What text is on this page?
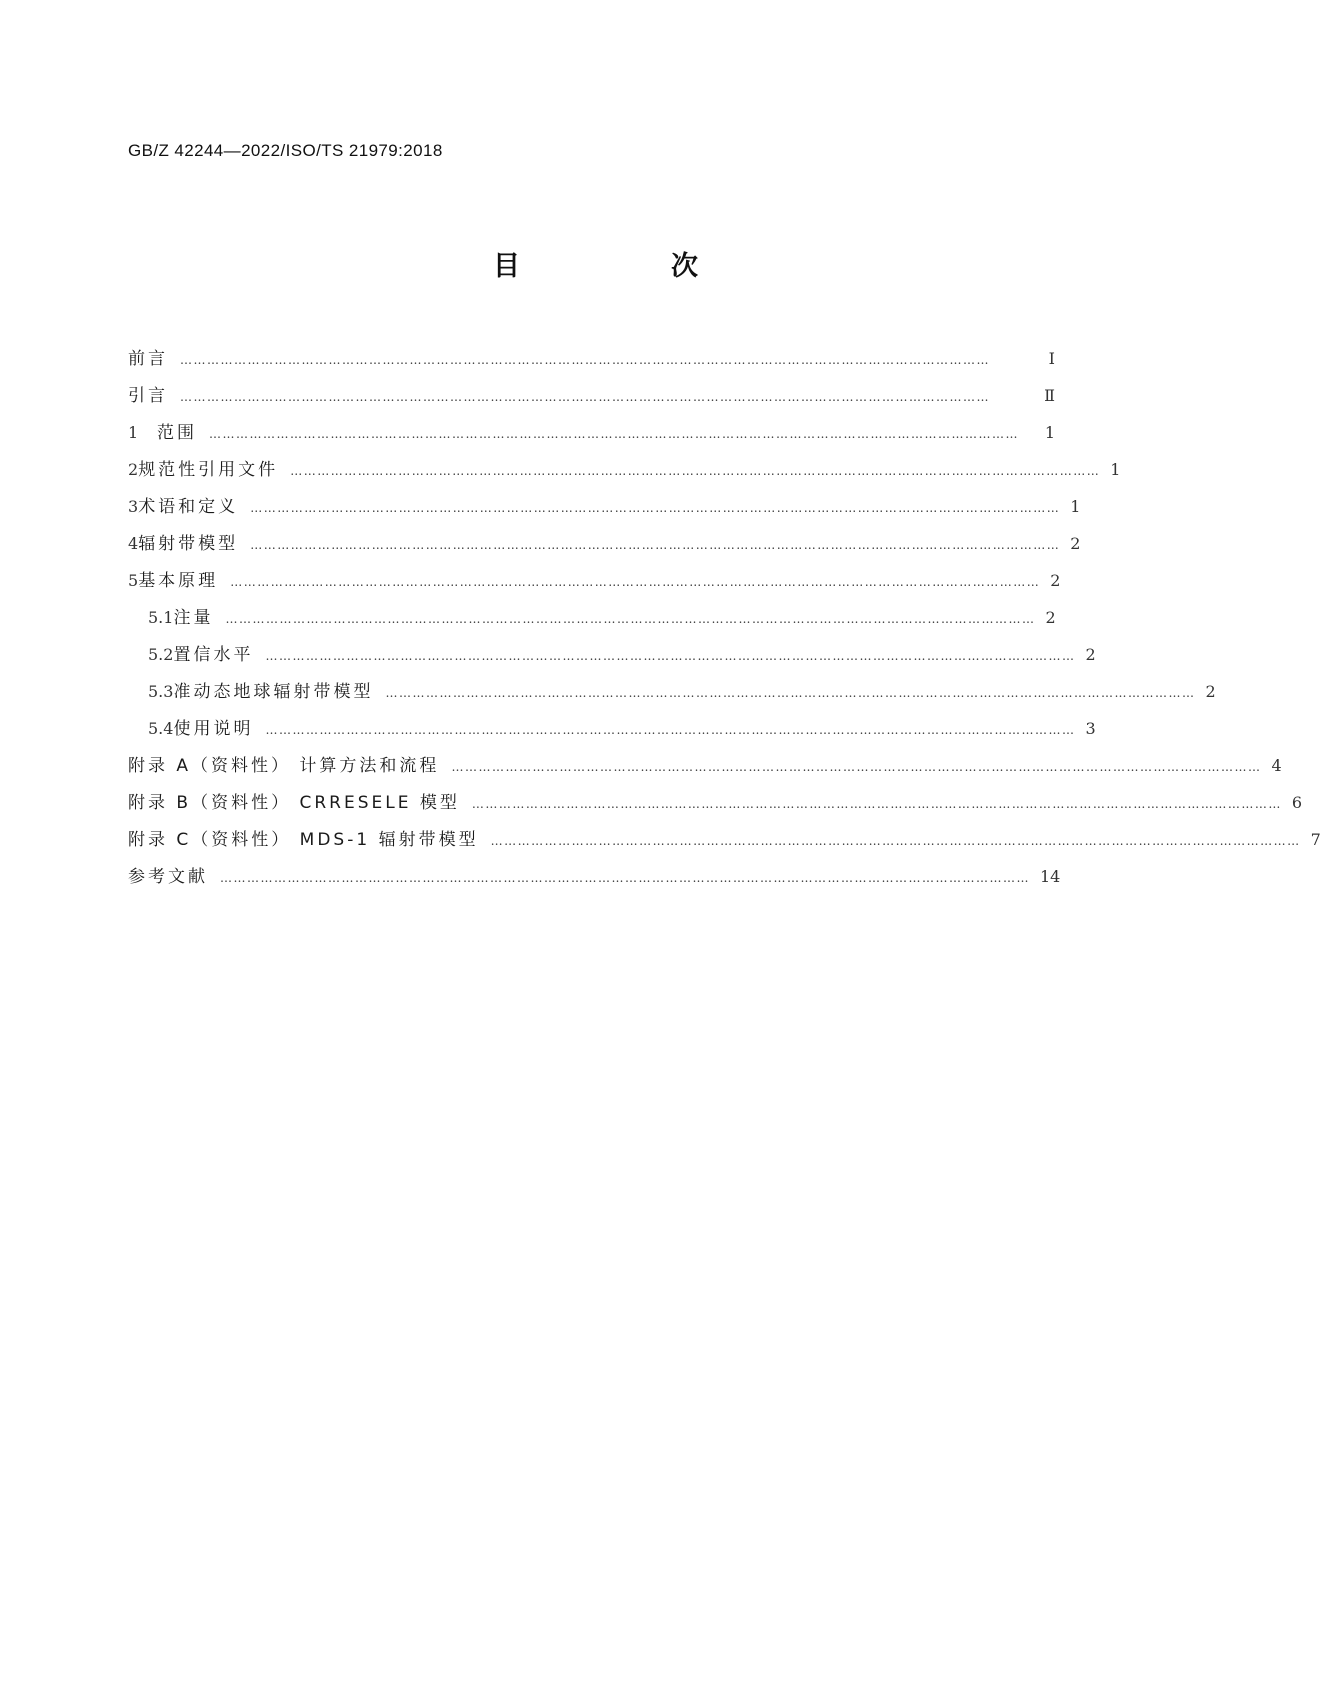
GB/Z 42244—2022/ISO/TS 21979:2018
目　次
前言 ………………………………………………………………………………………………………………………………………………………………	Ⅰ
引言 ………………………………………………………………………………………………………………………………………………………………	Ⅱ
1	范围 ………………………………………………………………………………………………………………………………………………………………	1
2 规范性引用文件 ……………………………………………………………………………………………………………………………………………………………… 1
3 术语和定义 ……………………………………………………………………………………………………………………………………………………………… 1
4 辐射带模型 ……………………………………………………………………………………………………………………………………………………………… 2
5 基本原理 ……………………………………………………………………………………………………………………………………………………………… 2
5.1 注量 ……………………………………………………………………………………………………………………………………………………………… 2
5.2 置信水平 ……………………………………………………………………………………………………………………………………………………………… 2
5.3 准动态地球辐射带模型 ……………………………………………………………………………………………………………………………………………………………… 2
5.4 使用说明 ……………………………………………………………………………………………………………………………………………………………… 3
附录 A（资料性） 计算方法和流程 ……………………………………………………………………………………………………………………………………………………………… 4
附录 B（资料性） CRRESELE 模型 ……………………………………………………………………………………………………………………………………………………………… 6
附录 C（资料性） MDS-1 辐射带模型 ……………………………………………………………………………………………………………………………………………………………… 7
参考文献 ……………………………………………………………………………………………………………………………………………………………… 14
